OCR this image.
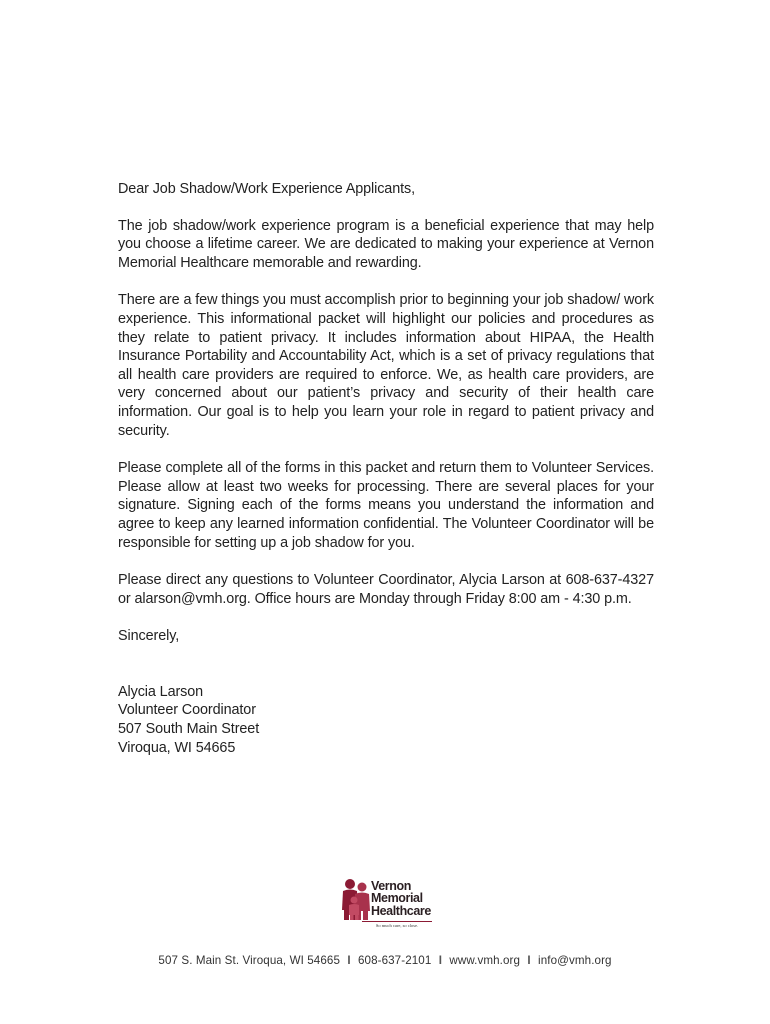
Dear Job Shadow/Work Experience Applicants,

The job shadow/work experience program is a beneficial experience that may help you choose a lifetime career. We are dedicated to making your experience at Vernon Memorial Healthcare memorable and rewarding.

There are a few things you must accomplish prior to beginning your job shadow/ work experience. This informational packet will highlight our policies and procedures as they relate to patient privacy. It includes information about HIPAA, the Health Insurance Portability and Accountability Act, which is a set of privacy regulations that all health care providers are required to enforce. We, as health care providers, are very concerned about our patient’s privacy and security of their health care information. Our goal is to help you learn your role in regard to patient privacy and security.

Please complete all of the forms in this packet and return them to Volunteer Services. Please allow at least two weeks for processing. There are several places for your signature. Signing each of the forms means you understand the information and agree to keep any learned information confidential. The Volunteer Coordinator will be responsible for setting up a job shadow for you.

Please direct any questions to Volunteer Coordinator, Alycia Larson at 608-637-4327 or alarson@vmh.org. Office hours are Monday through Friday 8:00 am - 4:30 p.m.

Sincerely,

Alycia Larson
Volunteer Coordinator
507 South Main Street
Viroqua, WI 54665
Vernon
Memorial
Healthcare
So much care, so close.
507 S. Main St. Viroqua, WI 54665 I 608-637-2101 I www.vmh.org I info@vmh.org
